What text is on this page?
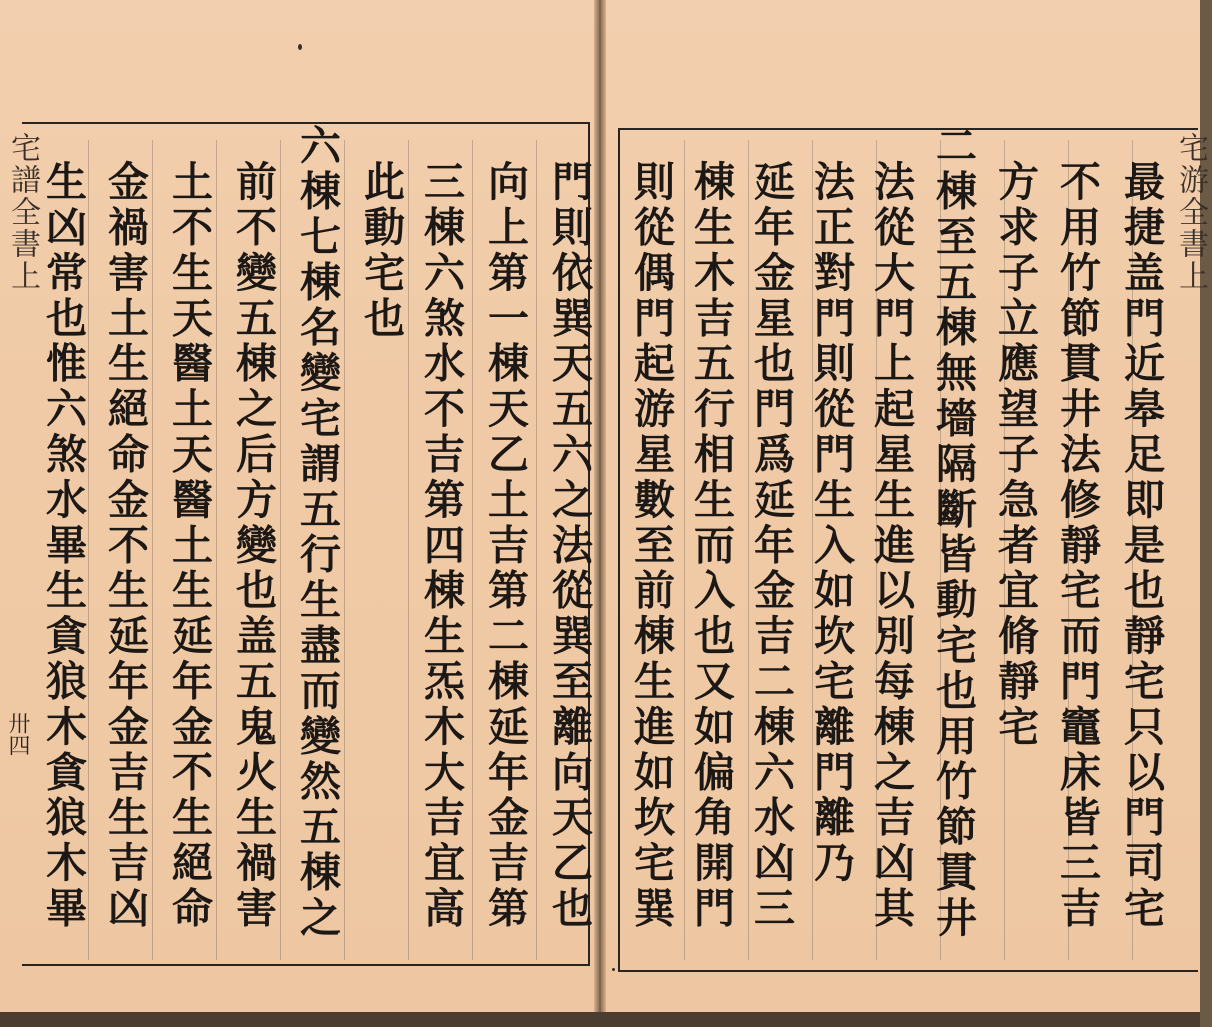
宅譜全書上
卅四
宅游全書上
門則依巽天五六之法從巽至離向天乙也
向上第一棟天乙土吉第二棟延年金吉第
三棟六煞水不吉第四棟生炁木大吉宜高
此動宅也
六棟七棟名變宅謂五行生盡而變然五棟之
前不變五棟之后方變也盖五鬼火生禍害
土不生天醫土天醫土生延年金不生絕命
金禍害土生絕命金不生延年金吉生吉凶
生凶常也惟六煞水畢生貪狼木貪狼木畢	最捷盖門近皋足即是也靜宅只以門司宅
不用竹節貫井法修靜宅而門竈床皆三吉
方求子立應望子急者宜脩靜宅
二棟至五棟無墻隔斷皆動宅也用竹節貫井
法從大門上起星生進以別每棟之吉凶其
法正對門則從門生入如坎宅離門離乃
延年金星也門爲延年金吉二棟六水凶三
棟生木吉五行相生而入也又如偏角開門
則從偶門起游星數至前棟生進如坎宅巽
